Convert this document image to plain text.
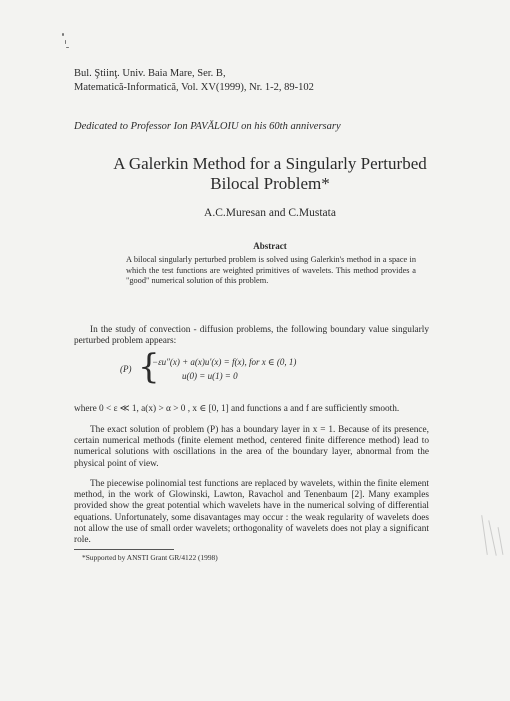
Bul. Ştiinţ. Univ. Baia Mare, Ser. B,
Matematică-Informatică, Vol. XV(1999), Nr. 1-2, 89-102
Dedicated to Professor Ion PAVĂLOIU on his 60th anniversary
A Galerkin Method for a Singularly Perturbed
Bilocal Problem*
A.C.Muresan and C.Mustata
Abstract
A bilocal singularly perturbed problem is solved using Galerkin's method in a space in which the test functions are weighted primitives of wavelets. This method provides a "good" numerical solution of this problem.
In the study of convection - diffusion problems, the following boundary value singularly perturbed problem appears:
(P) {
−εu″(x) + a(x)u′(x) = f(x), for x ∈ (0, 1)
u(0) = u(1) = 0
where 0 < ε ≪ 1, a(x) > α > 0 , x ∈ [0, 1] and functions a and f are sufficiently smooth.
The exact solution of problem (P) has a boundary layer in x = 1. Because of its presence, certain numerical methods (finite element method, centered finite difference method) lead to numerical solutions with oscillations in the area of the boundary layer, abnormal from the physical point of view.
The piecewise polinomial test functions are replaced by wavelets, within the finite element method, in the work of Glowinski, Lawton, Ravachol and Tenenbaum [2]. Many examples provided show the great potential which wavelets have in the numerical solving of differential equations. Unfortunately, some disavantages may occur : the weak regularity of wavelets does not allow the use of small order wavelets; orthogonality of wavelets does not play a significant role.
*Supported by ANSTI Grant GR/4122 (1998)
